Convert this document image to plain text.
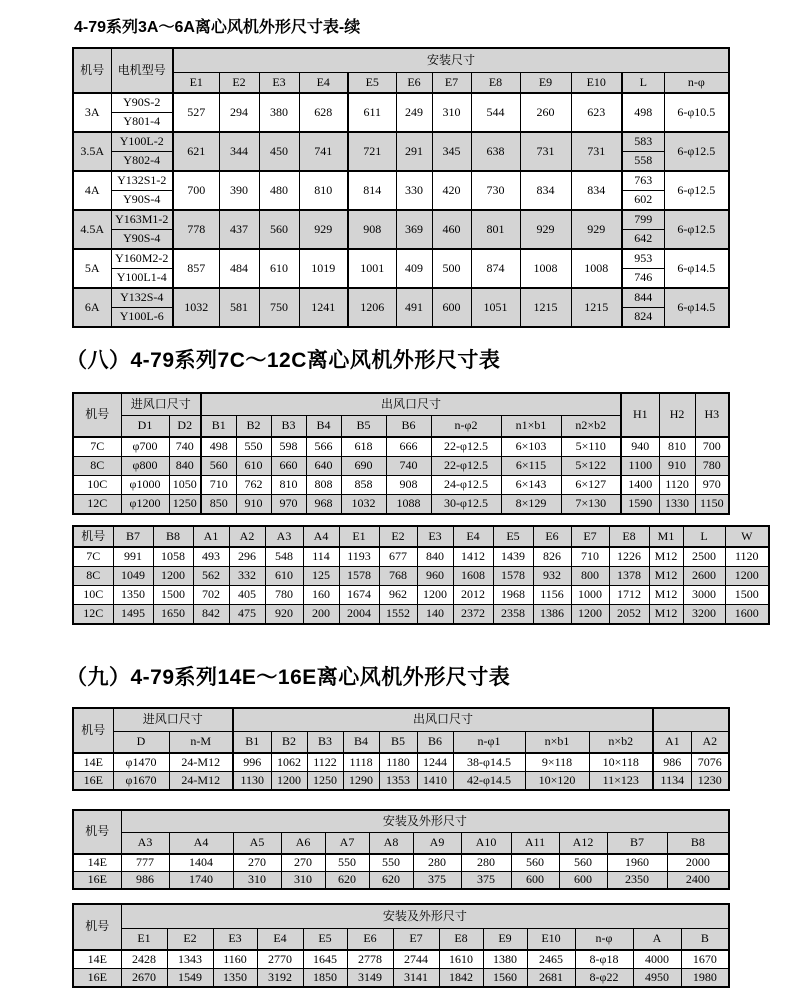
4-79系列3A～6A离心风机外形尺寸表-续
机号	电机型号	安装尺寸											
		E1	E2	E3	E4	E5	E6	E7	E8	E9	E10	L	n-φ
3A	Y90S-2	527	294	380	628	611	249	310	544	260	623	498	6-φ10.5
	Y801-4												
3.5A	Y100L-2	621	344	450	741	721	291	345	638	731	731	583	6-φ12.5
	Y802-4											558	
4A	Y132S1-2	700	390	480	810	814	330	420	730	834	834	763	6-φ12.5
	Y90S-4											602	
4.5A	Y163M1-2	778	437	560	929	908	369	460	801	929	929	799	6-φ12.5
	Y90S-4											642	
5A	Y160M2-2	857	484	610	1019	1001	409	500	874	1008	1008	953	6-φ14.5
	Y100L1-4											746	
6A	Y132S-4	1032	581	750	1241	1206	491	600	1051	1215	1215	844	6-φ14.5
	Y100L-6											824	
（八）4-79系列7C～12C离心风机外形尺寸表
机号	进风口尺寸		出风口尺寸									H1	H2	H3
	D1	D2	B1	B2	B3	B4	B5	B6	n-φ2	n1×b1	n2×b2			
7C	φ700	740	498	550	598	566	618	666	22-φ12.5	6×103	5×110	940	810	700
8C	φ800	840	560	610	660	640	690	740	22-φ12.5	6×115	5×122	1100	910	780
10C	φ1000	1050	710	762	810	808	858	908	24-φ12.5	6×143	6×127	1400	1120	970
12C	φ1200	1250	850	910	970	968	1032	1088	30-φ12.5	8×129	7×130	1590	1330	1150
机号	B7	B8	A1	A2	A3	A4	E1	E2	E3	E4	E5	E6	E7	E8	M1	L	W
7C	991	1058	493	296	548	114	1193	677	840	1412	1439	826	710	1226	M12	2500	1120
8C	1049	1200	562	332	610	125	1578	768	960	1608	1578	932	800	1378	M12	2600	1200
10C	1350	1500	702	405	780	160	1674	962	1200	2012	1968	1156	1000	1712	M12	3000	1500
12C	1495	1650	842	475	920	200	2004	1552	140	2372	2358	1386	1200	2052	M12	3200	1600
（九）4-79系列14E～16E离心风机外形尺寸表
机号	进风口尺寸		出风口尺寸										
	D	n-M	B1	B2	B3	B4	B5	B6	n-φ1	n×b1	n×b2	A1	A2
14E	φ1470	24-M12	996	1062	1122	1118	1180	1244	38-φ14.5	9×118	10×118	986	7076
16E	φ1670	24-M12	1130	1200	1250	1290	1353	1410	42-φ14.5	10×120	11×123	1134	1230
机号	安装及外形尺寸											
	A3	A4	A5	A6	A7	A8	A9	A10	A11	A12	B7	B8
14E	777	1404	270	270	550	550	280	280	560	560	1960	2000
16E	986	1740	310	310	620	620	375	375	600	600	2350	2400
机号	安装及外形尺寸												
	E1	E2	E3	E4	E5	E6	E7	E8	E9	E10	n-φ	A	B
14E	2428	1343	1160	2770	1645	2778	2744	1610	1380	2465	8-φ18	4000	1670
16E	2670	1549	1350	3192	1850	3149	3141	1842	1560	2681	8-φ22	4950	1980
